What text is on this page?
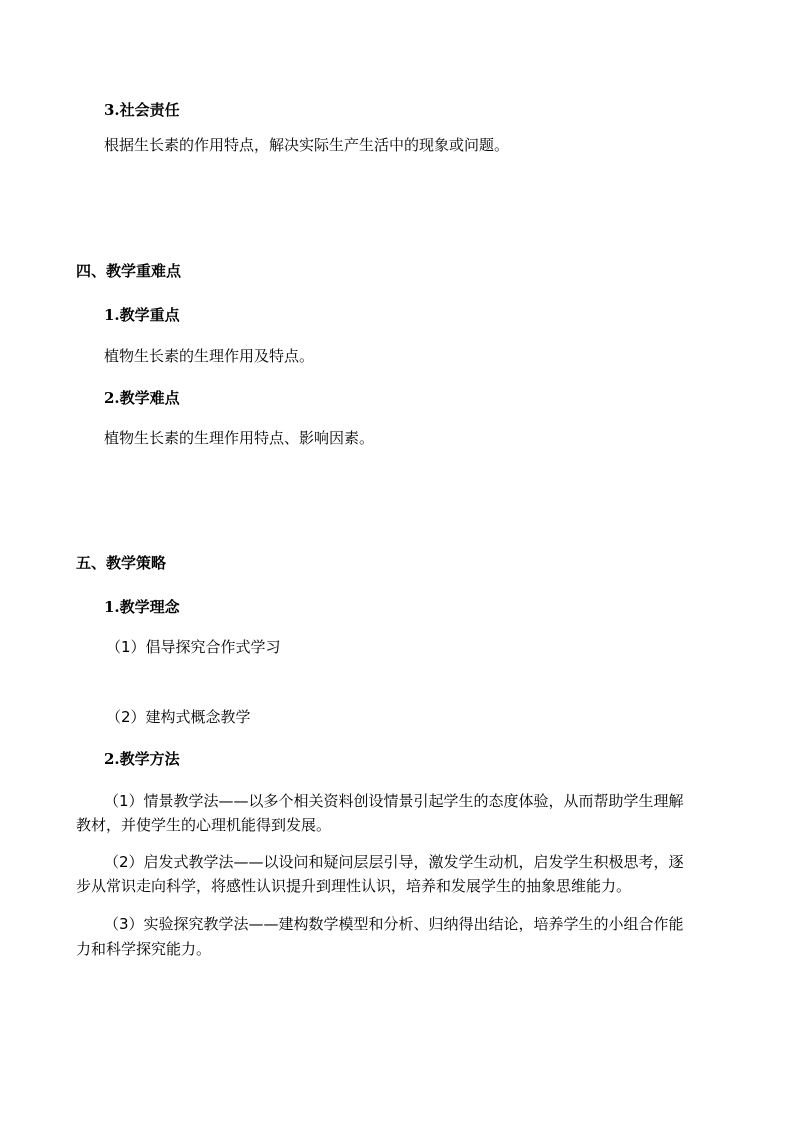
3.社会责任
根据生长素的作用特点，解决实际生产生活中的现象或问题。
四、教学重难点
1.教学重点
植物生长素的生理作用及特点。
2.教学难点
植物生长素的生理作用特点、影响因素。
五、教学策略
1.教学理念
（1）倡导探究合作式学习
（2）建构式概念教学
2.教学方法
（1）情景教学法——以多个相关资料创设情景引起学生的态度体验，从而帮助学生理解
教材，并使学生的心理机能得到发展。
（2）启发式教学法——以设问和疑问层层引导，激发学生动机，启发学生积极思考，逐
步从常识走向科学，将感性认识提升到理性认识，培养和发展学生的抽象思维能力。
（3）实验探究教学法——建构数学模型和分析、归纳得出结论，培养学生的小组合作能
力和科学探究能力。
